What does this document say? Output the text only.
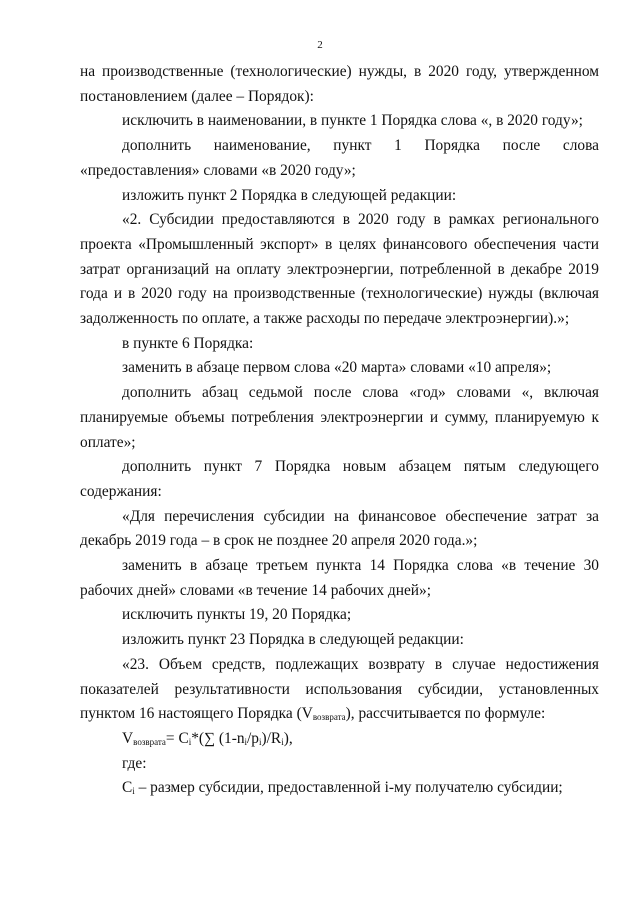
2

на производственные (технологические) нужды, в 2020 году, утвержденном постановлением (далее – Порядок):

исключить в наименовании, в пункте 1 Порядка слова «, в 2020 году»;

дополнить наименование, пункт 1 Порядка после слова «предоставления» словами «в 2020 году»;

изложить пункт 2 Порядка в следующей редакции:

«2. Субсидии предоставляются в 2020 году в рамках регионального проекта «Промышленный экспорт» в целях финансового обеспечения части затрат организаций на оплату электроэнергии, потребленной в декабре 2019 года и в 2020 году на производственные (технологические) нужды (включая задолженность по оплате, а также расходы по передаче электроэнергии).»;

в пункте 6 Порядка:

заменить в абзаце первом слова «20 марта» словами «10 апреля»;

дополнить абзац седьмой после слова «год» словами «, включая планируемые объемы потребления электроэнергии и сумму, планируемую к оплате»;

дополнить пункт 7 Порядка новым абзацем пятым следующего содержания:

«Для перечисления субсидии на финансовое обеспечение затрат за декабрь 2019 года – в срок не позднее 20 апреля 2020 года.»;

заменить в абзаце третьем пункта 14 Порядка слова «в течение 30 рабочих дней» словами «в течение 14 рабочих дней»;

исключить пункты 19, 20 Порядка;

изложить пункт 23 Порядка в следующей редакции:

«23. Объем средств, подлежащих возврату в случае недостижения показателей результативности использования субсидии, установленных пунктом 16 настоящего Порядка $(V_{возврата})$, рассчитывается по формуле:

$V_{возврата}= C_i*(\sum$ $(1-n_i/p_i)/R_i$),

где:

$C_i$ – размер субсидии, предоставленной i-му получателю субсидии;
